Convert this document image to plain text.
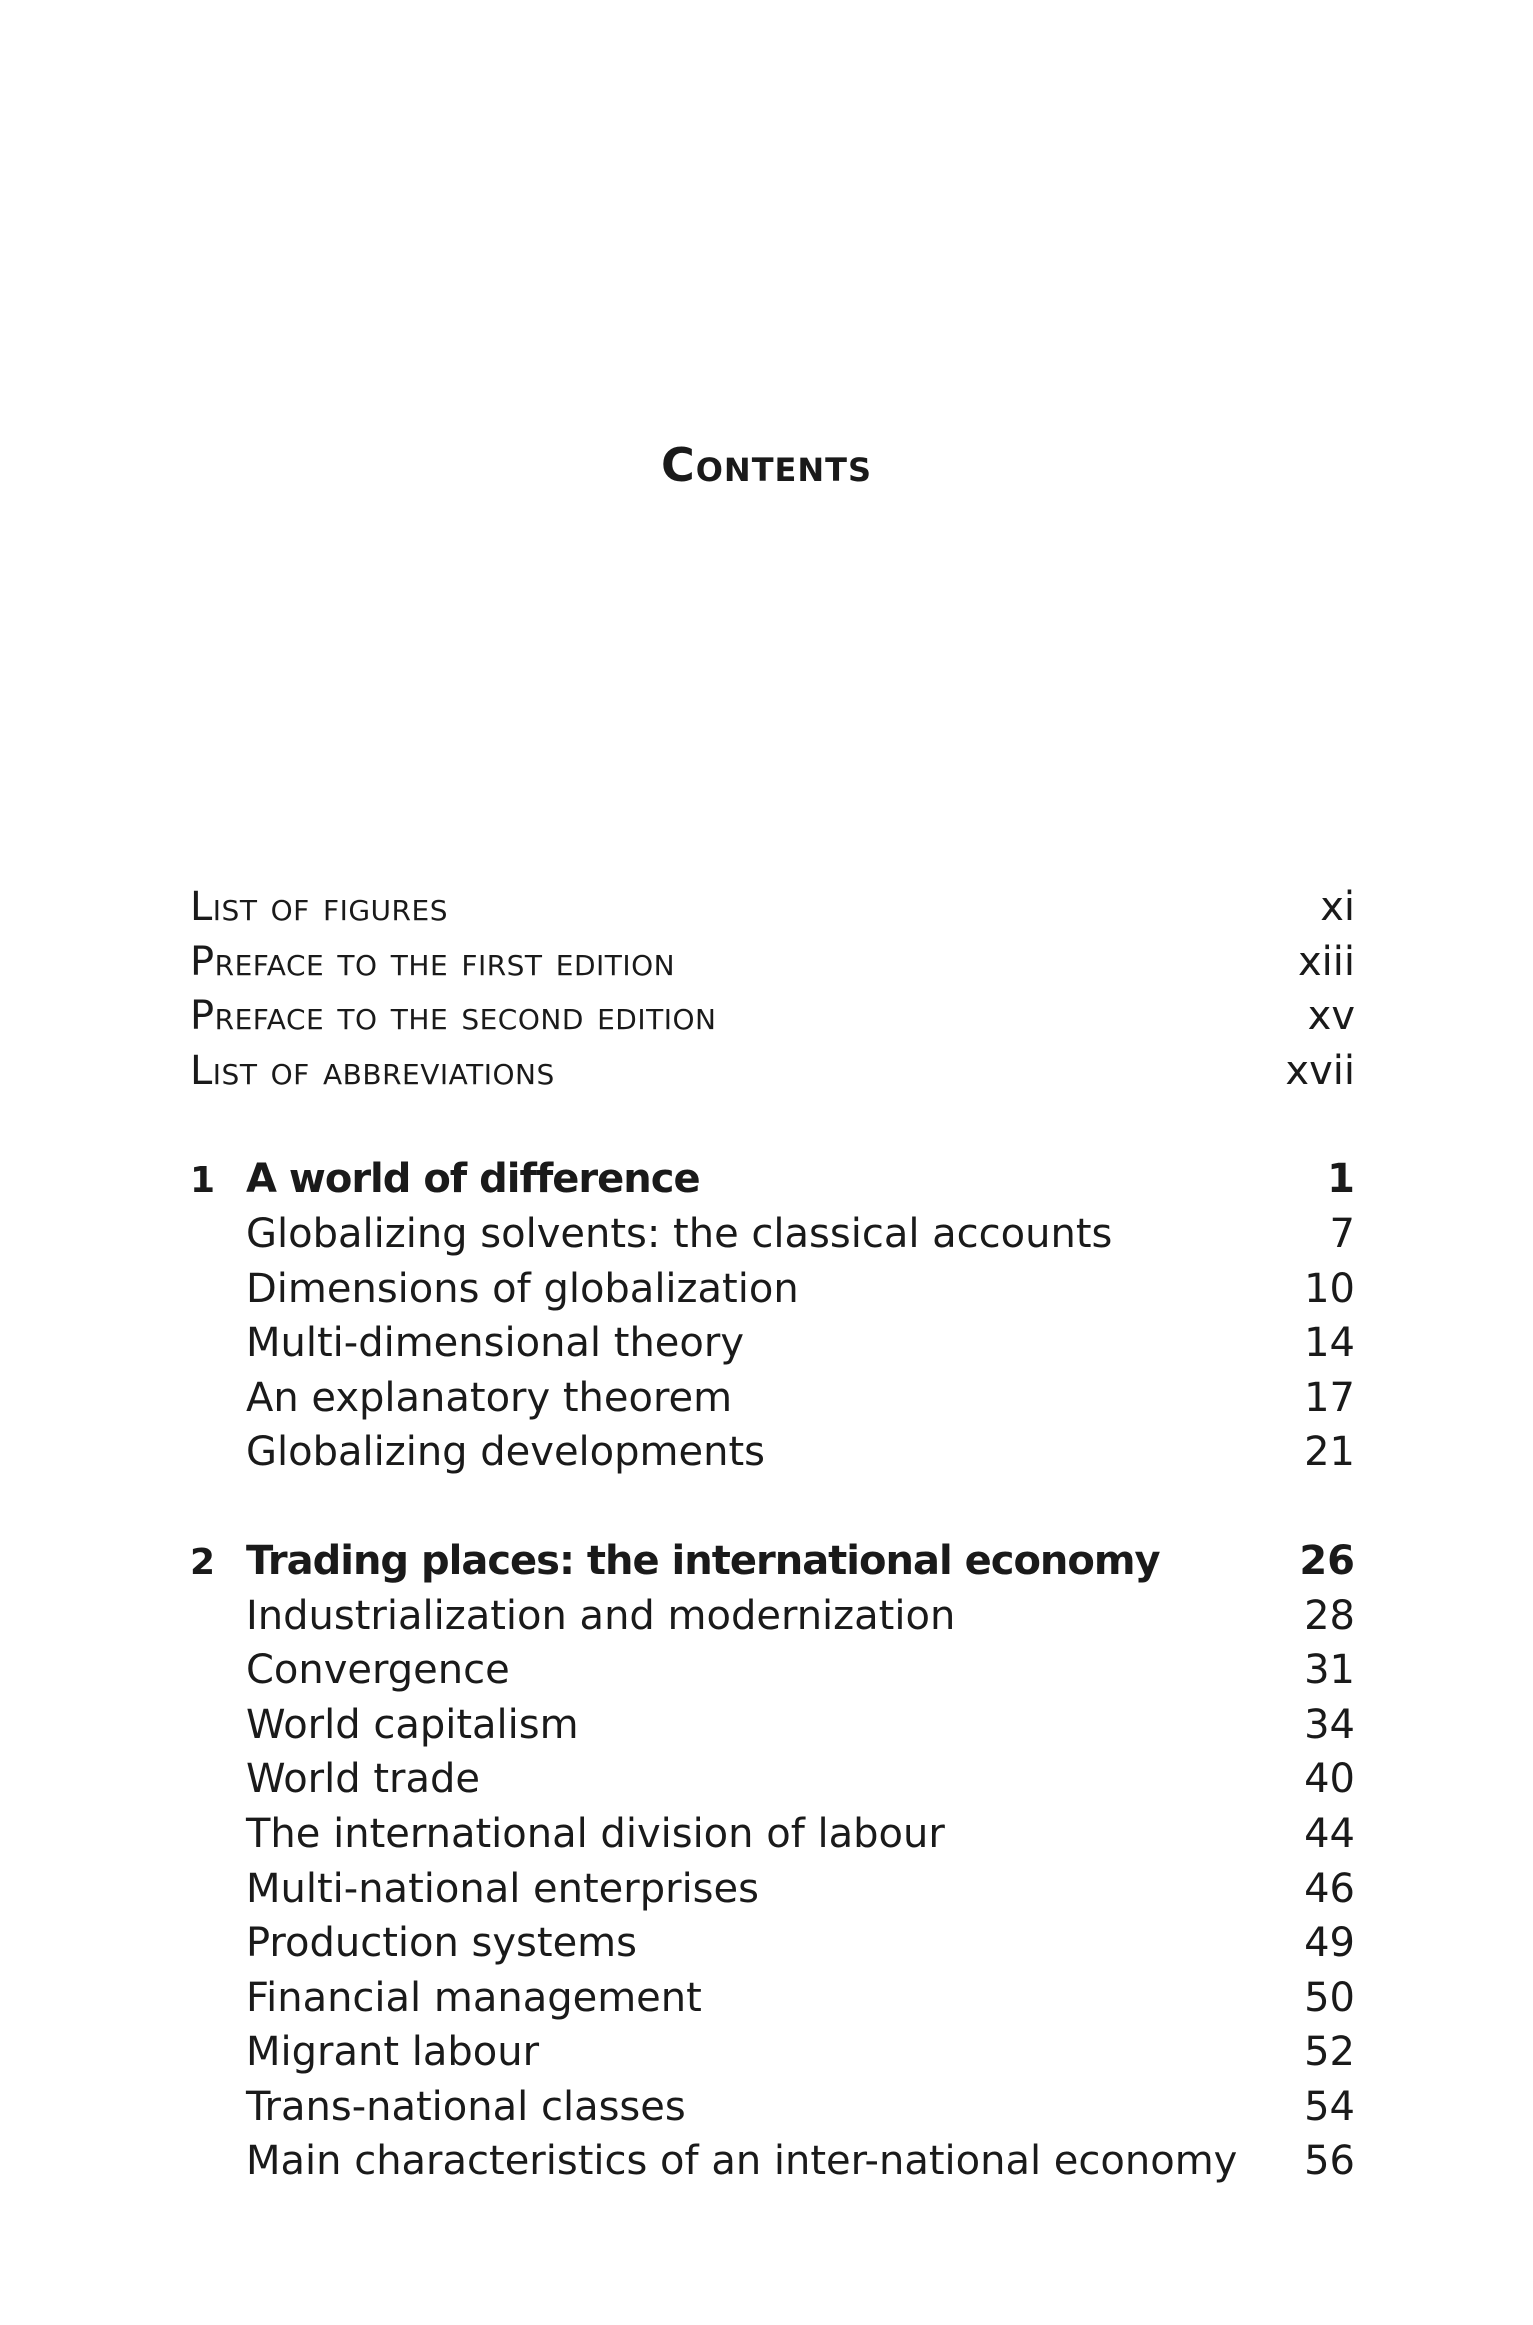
Contents
List of figures	xi
Preface to the first edition	xiii
Preface to the second edition	xv
List of abbreviations	xvii
1 A world of difference	1
Globalizing solvents: the classical accounts	7
Dimensions of globalization	10
Multi-dimensional theory	14
An explanatory theorem	17
Globalizing developments	21
2 Trading places: the international economy	26
Industrialization and modernization	28
Convergence	31
World capitalism	34
World trade	40
The international division of labour	44
Multi-national enterprises	46
Production systems	49
Financial management	50
Migrant labour	52
Trans-national classes	54
Main characteristics of an inter-national economy	56
